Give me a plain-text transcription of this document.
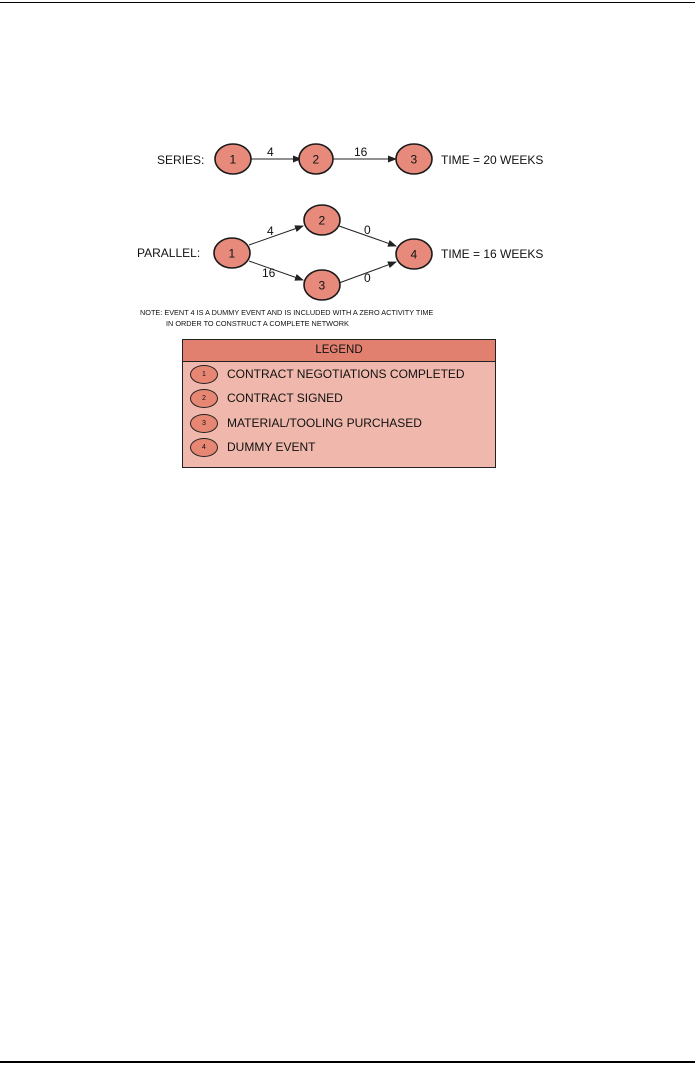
SERIES:
4	16
1	2	3 TIME = 20 WEEKS
PARALLEL:
4
16
0
0
1
2
3
4 TIME = 16 WEEKS
NOTE: EVENT 4 IS A DUMMY EVENT AND IS INCLUDED WITH A ZERO ACTIVITY TIME
IN ORDER TO CONSTRUCT A COMPLETE NETWORK
LEGEND
1	CONTRACT NEGOTIATIONS COMPLETED
2	CONTRACT SIGNED
3	MATERIAL/TOOLING PURCHASED
4	DUMMY EVENT
